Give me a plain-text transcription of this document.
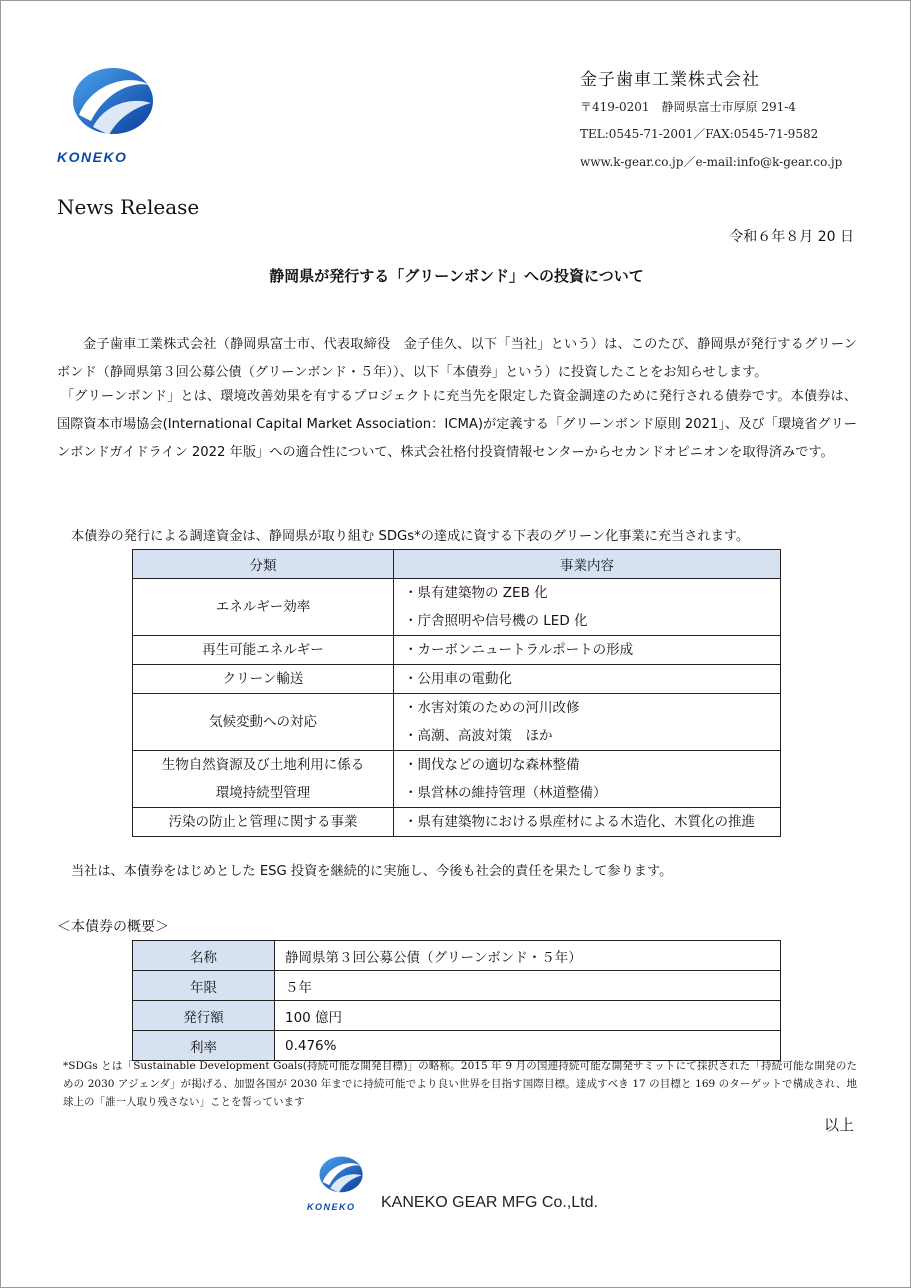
KONEKO
金子歯車工業株式会社
〒419-0201　静岡県富士市厚原 291-4
TEL:0545-71-2001／FAX:0545-71-9582
www.k-gear.co.jp／e-mail:info@k-gear.co.jp
News Release
令和６年８月 20 日
静岡県が発行する「グリーンボンド」への投資について

金子歯車工業株式会社（静岡県富士市、代表取締役　金子佳久、以下「当社」という）は、このたび、静岡県が発行するグリーンボンド（静岡県第３回公募公債（グリーンボンド・５年））、以下「本債券」という）に投資したことをお知らせします。

「グリーンボンド」とは、環境改善効果を有するプロジェクトに充当先を限定した資金調達のために発行される債券です。本債券は、国際資本市場協会(International Capital Market Association：ICMA)が定義する「グリーンボンド原則 2021」、及び「環境省グリーンボンドガイドライン 2022 年版」への適合性について、株式会社格付投資情報センターからセカンドオピニオンを取得済みです。

本債券の発行による調達資金は、静岡県が取り組む SDGs*の達成に資する下表のグリーン化事業に充当されます。

分類	事業内容

エネルギー効率	・県有建築物の ZEB 化
・庁舎照明や信号機の LED 化

再生可能エネルギー	・カーボンニュートラルポートの形成

クリーン輸送	・公用車の電動化

気候変動への対応	・水害対策のための河川改修
・高潮、高波対策　ほか

生物自然資源及び土地利用に係る
環境持続型管理	・間伐などの適切な森林整備
・県営林の維持管理（林道整備）

汚染の防止と管理に関する事業	・県有建築物における県産材による木造化、木質化の推進

当社は、本債券をはじめとした ESG 投資を継続的に実施し、今後も社会的責任を果たして参ります。

＜本債券の概要＞
名称	静岡県第３回公募公債（グリーンボンド・５年）
年限	５年
発行額	100 億円
利率	0.476%

*SDGs とは「Sustainable Development Goals(持続可能な開発目標)」の略称。2015 年 9 月の国連持続可能な開発サミットにて採択された「持続可能な開発のための 2030 アジェンダ」が掲げる、加盟各国が 2030 年までに持続可能でより良い世界を目指す国際目標。達成すべき 17 の目標と 169 のターゲットで構成され、地球上の「誰一人取り残さない」ことを誓っています

以上
KONEKO KANEKO GEAR MFG Co.,Ltd.
